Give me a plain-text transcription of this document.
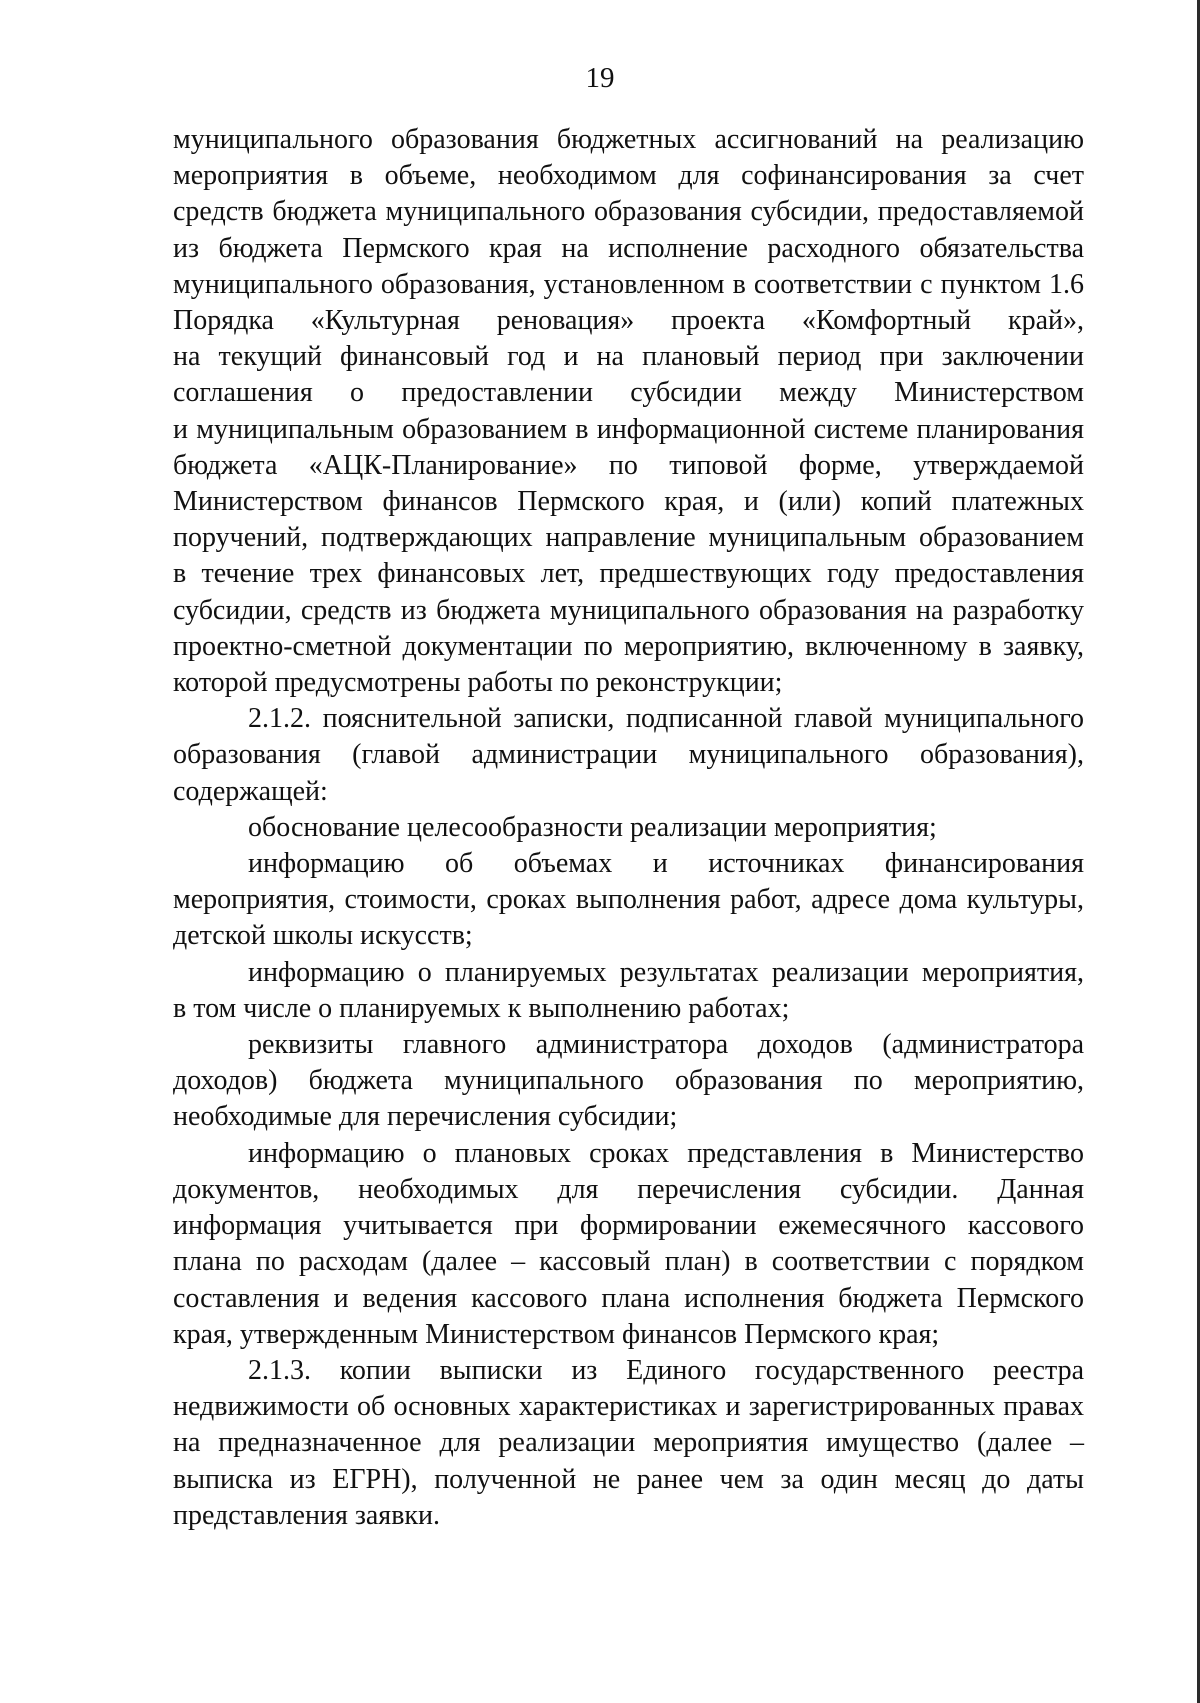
19
муниципального образования бюджетных ассигнований на реализацию
мероприятия в объеме, необходимом для софинансирования за счет
средств бюджета муниципального образования субсидии, предоставляемой
из бюджета Пермского края на исполнение расходного обязательства
муниципального образования, установленном в соответствии с пунктом 1.6
Порядка «Культурная реновация» проекта «Комфортный край»,
на текущий финансовый год и на плановый период при заключении
соглашения о предоставлении субсидии между Министерством
и муниципальным образованием в информационной системе планирования
бюджета «АЦК-Планирование» по типовой форме, утверждаемой
Министерством финансов Пермского края, и (или) копий платежных
поручений, подтверждающих направление муниципальным образованием
в течение трех финансовых лет, предшествующих году предоставления
субсидии, средств из бюджета муниципального образования на разработку
проектно-сметной документации по мероприятию, включенному в заявку,
которой предусмотрены работы по реконструкции;
2.1.2. пояснительной записки, подписанной главой муниципального
образования (главой администрации муниципального образования),
содержащей:
обоснование целесообразности реализации мероприятия;
информацию об объемах и источниках финансирования
мероприятия, стоимости, сроках выполнения работ, адресе дома культуры,
детской школы искусств;
информацию о планируемых результатах реализации мероприятия,
в том числе о планируемых к выполнению работах;
реквизиты главного администратора доходов (администратора
доходов) бюджета муниципального образования по мероприятию,
необходимые для перечисления субсидии;
информацию о плановых сроках представления в Министерство
документов, необходимых для перечисления субсидии. Данная
информация учитывается при формировании ежемесячного кассового
плана по расходам (далее – кассовый план) в соответствии с порядком
составления и ведения кассового плана исполнения бюджета Пермского
края, утвержденным Министерством финансов Пермского края;
2.1.3. копии выписки из Единого государственного реестра
недвижимости об основных характеристиках и зарегистрированных правах
на предназначенное для реализации мероприятия имущество (далее –
выписка из ЕГРН), полученной не ранее чем за один месяц до даты
представления заявки.
